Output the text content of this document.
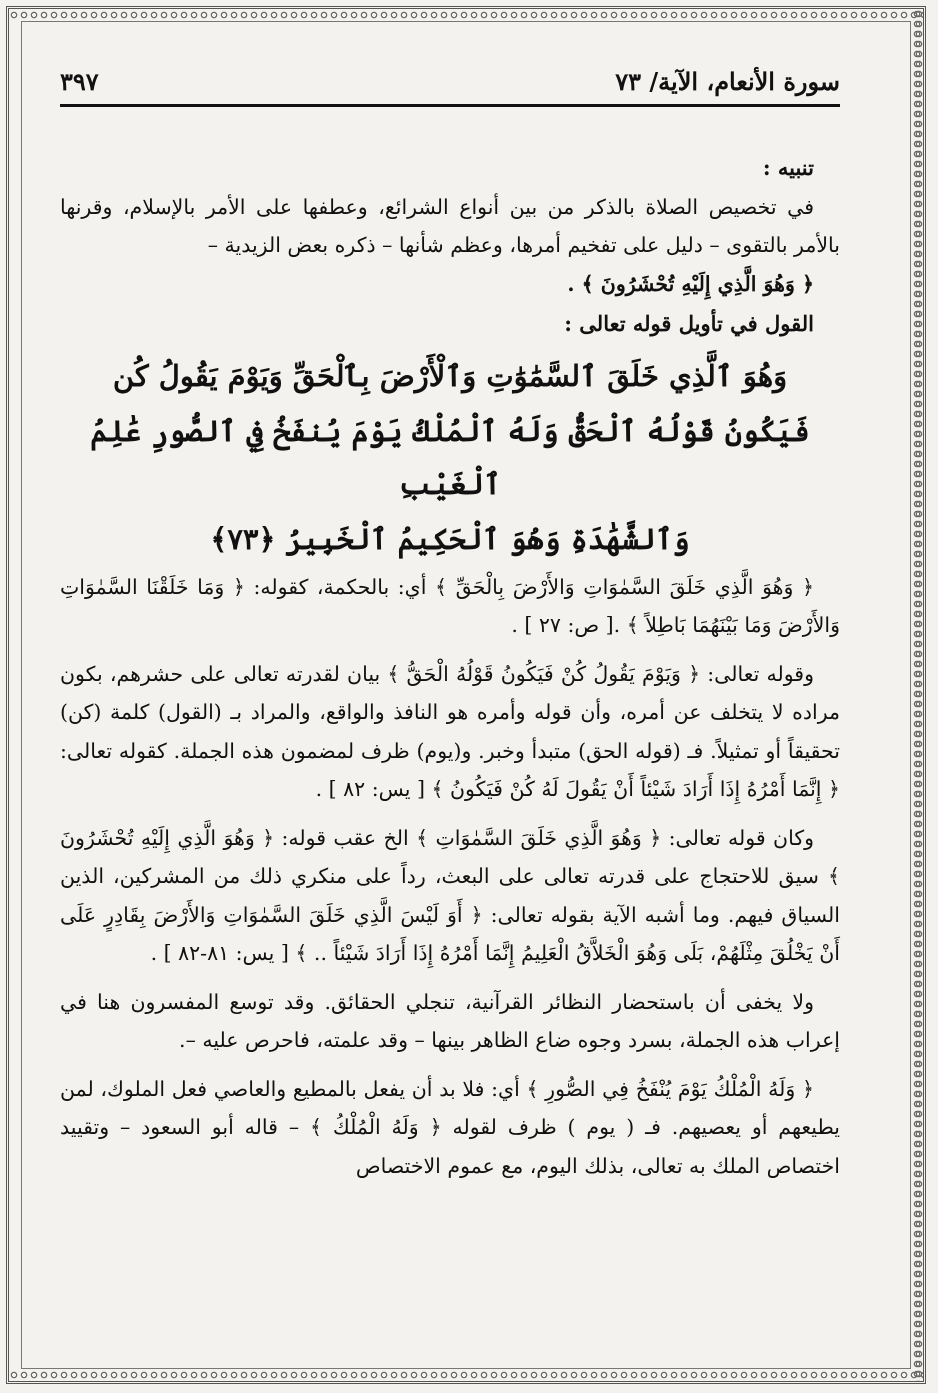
سورة الأنعام، الآية/ ٧٣
٣٩٧

تنبيه :

في تخصيص الصلاة بالذكر من بين أنواع الشرائع، وعطفها على الأمر بالإسلام، وقرنها بالأمر بالتقوى – دليل على تفخيم أمرها، وعظم شأنها – ذكره بعض الزيدية –

﴿ وَهُوَ الَّذِي إِلَيْهِ تُحْشَرُونَ ﴾ .

القول في تأويل قوله تعالى :

وَهُوَ ٱلَّذِي خَلَقَ ٱلسَّمَٰوَٰتِ وَٱلْأَرْضَ بِٱلْحَقِّ وَيَوْمَ يَقُولُ كُن

فَيَكُونُ قَوْلُهُ ٱلْحَقُّ وَلَهُ ٱلْمُلْكُ يَوْمَ يُنفَخُ فِي ٱلصُّورِ عَٰلِمُ ٱلْغَيْبِ

وَٱلشَّهَٰدَةِ وَهُوَ ٱلْحَكِيمُ ٱلْخَبِيرُ ﴿٧٣﴾

﴿ وَهُوَ الَّذِي خَلَقَ السَّمٰوَاتِ وَالأَرْضَ بِالْحَقِّ ﴾ أي: بالحكمة، كقوله: ﴿ وَمَا خَلَقْنَا السَّمٰوَاتِ وَالأَرْضَ وَمَا بَيْنَهُمَا بَاطِلاً ﴾ .[ ص: ٢٧ ] .

وقوله تعالى: ﴿ وَيَوْمَ يَقُولُ كُنْ فَيَكُونُ قَوْلُهُ الْحَقُّ ﴾ بيان لقدرته تعالى على حشرهم، بكون مراده لا يتخلف عن أمره، وأن قوله وأمره هو النافذ والواقع، والمراد بـ (القول) كلمة (كن) تحقيقاً أو تمثيلاً. فـ (قوله الحق) متبدأ وخبر. و(يوم) ظرف لمضمون هذه الجملة. كقوله تعالى: ﴿ إِنَّمَا أَمْرُهُ إِذَا أَرَادَ شَيْئاً أَنْ يَقُولَ لَهُ كُنْ فَيَكُونُ ﴾ [ يس: ٨٢ ] .

وكان قوله تعالى: ﴿ وَهُوَ الَّذِي خَلَقَ السَّمٰوَاتِ ﴾ الخ عقب قوله: ﴿ وَهُوَ الَّذِي إِلَيْهِ تُحْشَرُونَ ﴾ سيق للاحتجاج على قدرته تعالى على البعث، رداً على منكري ذلك من المشركين، الذين السياق فيهم. وما أشبه الآية بقوله تعالى: ﴿ أَوَ لَيْسَ الَّذِي خَلَقَ السَّمٰوَاتِ وَالأَرْضَ بِقَادِرٍ عَلَى أَنْ يَخْلُقَ مِثْلَهُمْ، بَلَى وَهُوَ الْخَلاَّقُ الْعَلِيمُ إِنَّمَا أَمْرُهُ إِذَا أَرَادَ شَيْئاً .. ﴾ [ يس: ٨١-٨٢ ] .

ولا يخفى أن باستحضار النظائر القرآنية، تنجلي الحقائق. وقد توسع المفسرون هنا في إعراب هذه الجملة، بسرد وجوه ضاع الظاهر بينها – وقد علمته، فاحرص عليه –.

﴿ وَلَهُ الْمُلْكُ يَوْمَ يُنْفَخُ فِي الصُّورِ ﴾ أي: فلا بد أن يفعل بالمطيع والعاصي فعل الملوك، لمن يطيعهم أو يعصيهم. فـ ( يوم ) ظرف لقوله ﴿ وَلَهُ الْمُلْكُ ﴾ – قاله أبو السعود – وتقييد اختصاص الملك به تعالى، بذلك اليوم، مع عموم الاختصاص
